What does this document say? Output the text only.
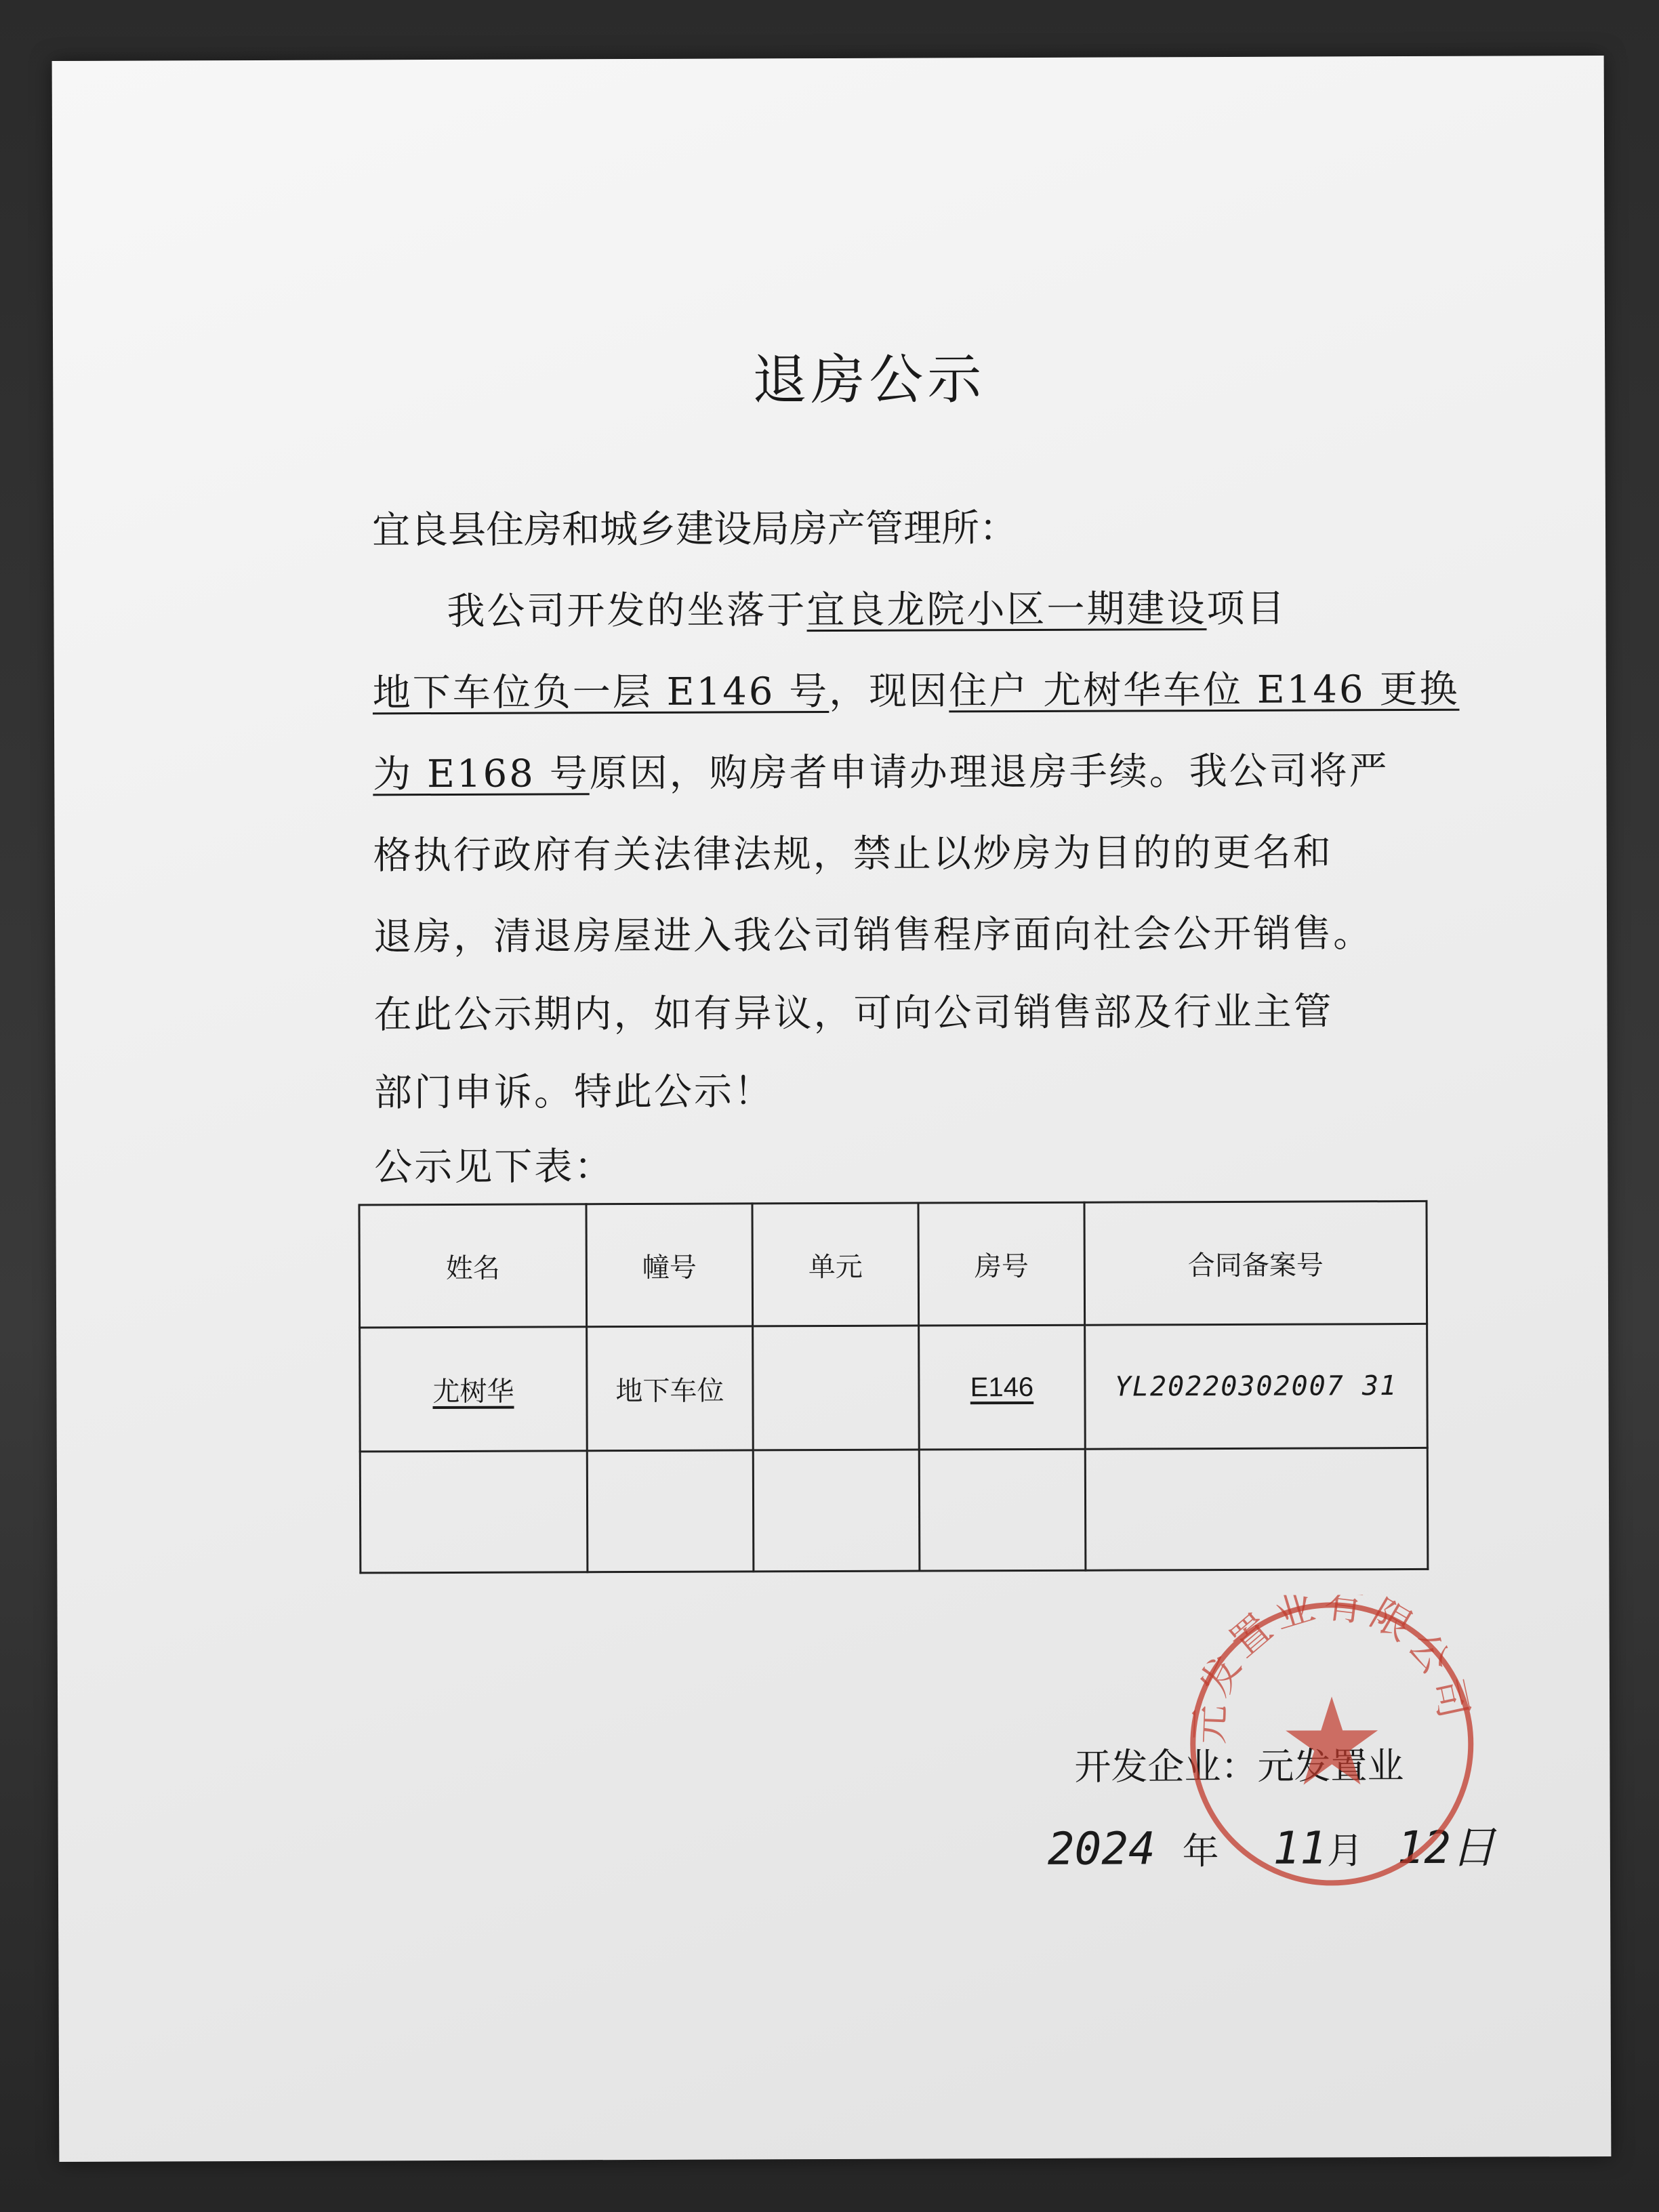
退房公示
宜良县住房和城乡建设局房产管理所：
我公司开发的坐落于宜良龙院小区一期建设项目
地下车位负一层 E146 号，现因住户 尤树华车位 E146 更换
为 E168 号原因，购房者申请办理退房手续。我公司将严
格执行政府有关法律法规，禁止以炒房为目的的更名和
退房，清退房屋进入我公司销售程序面向社会公开销售。
在此公示期内，如有异议，可向公司销售部及行业主管
部门申诉。特此公示！
公示见下表：
姓名	幢号	单元	房号	合同备案号
尤树华	地下车位		E146	YL20220302007 31

开发企业：元发置业
2024 年 11月 12日
元发置业有限公司
